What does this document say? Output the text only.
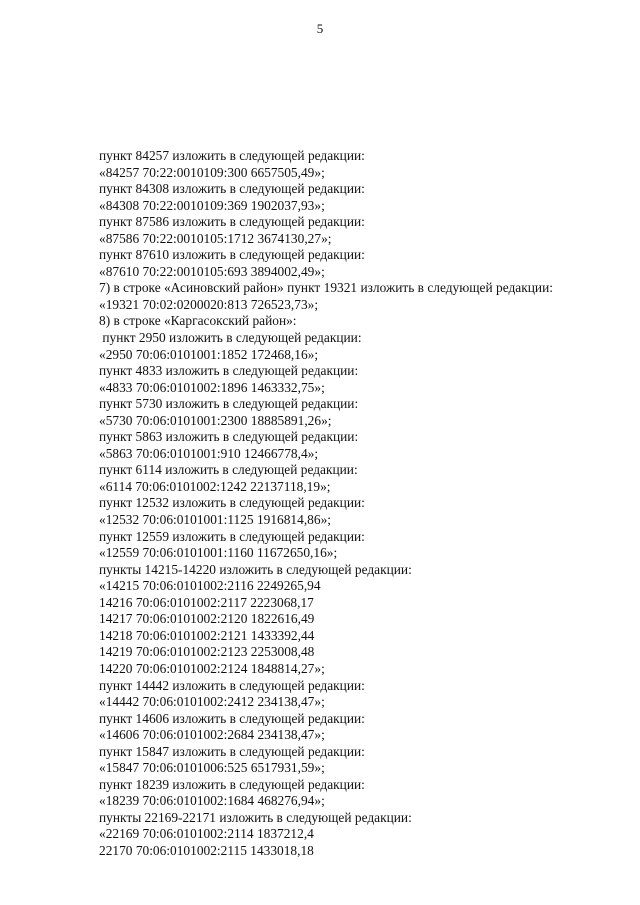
5
пункт 84257 изложить в следующей редакции:
«84257 70:22:0010109:300 6657505,49»;
пункт 84308 изложить в следующей редакции:
«84308 70:22:0010109:369 1902037,93»;
пункт 87586 изложить в следующей редакции:
«87586 70:22:0010105:1712 3674130,27»;
пункт 87610 изложить в следующей редакции:
«87610 70:22:0010105:693 3894002,49»;
7) в строке «Асиновский район» пункт 19321 изложить в следующей редакции:
«19321 70:02:0200020:813 726523,73»;
8) в строке «Каргасокский район»:
пункт 2950 изложить в следующей редакции:
«2950 70:06:0101001:1852 172468,16»;
пункт 4833 изложить в следующей редакции:
«4833 70:06:0101002:1896 1463332,75»;
пункт 5730 изложить в следующей редакции:
«5730 70:06:0101001:2300 18885891,26»;
пункт 5863 изложить в следующей редакции:
«5863 70:06:0101001:910 12466778,4»;
пункт 6114 изложить в следующей редакции:
«6114 70:06:0101002:1242 22137118,19»;
пункт 12532 изложить в следующей редакции:
«12532 70:06:0101001:1125 1916814,86»;
пункт 12559 изложить в следующей редакции:
«12559 70:06:0101001:1160 11672650,16»;
пункты 14215-14220 изложить в следующей редакции:
«14215 70:06:0101002:2116 2249265,94
14216 70:06:0101002:2117 2223068,17
14217 70:06:0101002:2120 1822616,49
14218 70:06:0101002:2121 1433392,44
14219 70:06:0101002:2123 2253008,48
14220 70:06:0101002:2124 1848814,27»;
пункт 14442 изложить в следующей редакции:
«14442 70:06:0101002:2412 234138,47»;
пункт 14606 изложить в следующей редакции:
«14606 70:06:0101002:2684 234138,47»;
пункт 15847 изложить в следующей редакции:
«15847 70:06:0101006:525 6517931,59»;
пункт 18239 изложить в следующей редакции:
«18239 70:06:0101002:1684 468276,94»;
пункты 22169-22171 изложить в следующей редакции:
«22169 70:06:0101002:2114 1837212,4
22170 70:06:0101002:2115 1433018,18
